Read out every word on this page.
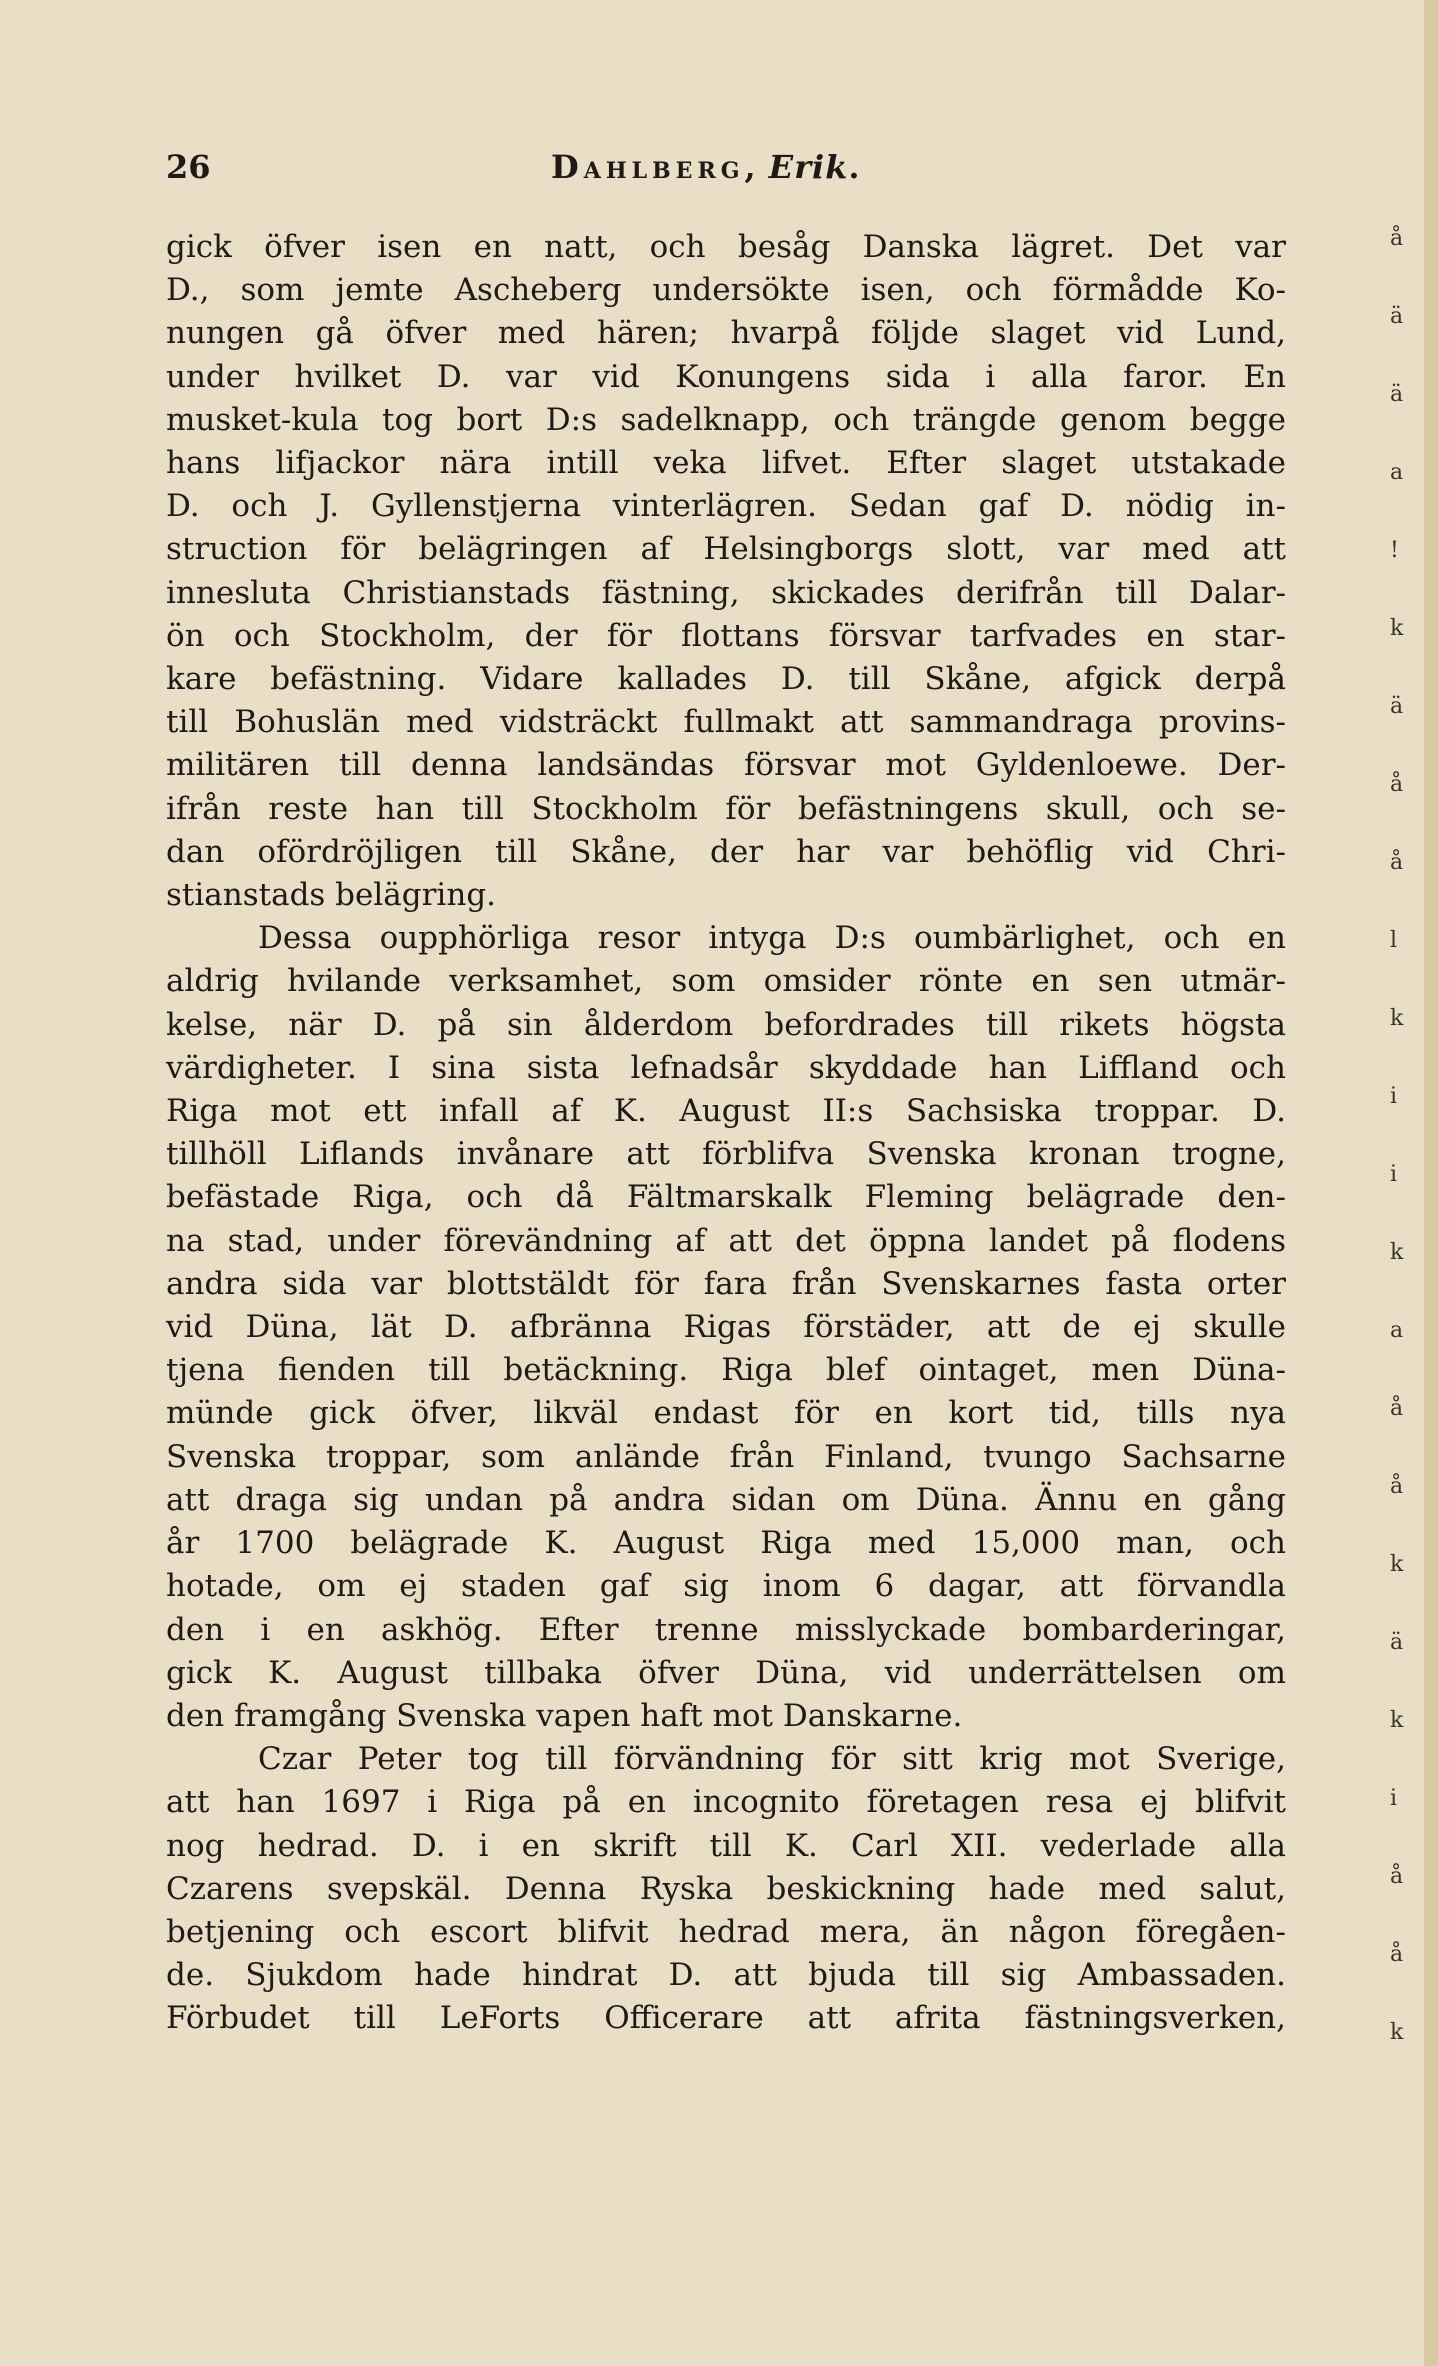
å
ä
ä
a
!
k
ä
å
å
l
k
i
i
k
a
å
å
k
ä
k
i
å
å
k
26	Dahlberg, Erik.
gick öfver isen en natt, och besåg Danska lägret. Det var
D., som jemte Ascheberg undersökte isen, och förmådde Ko-
nungen gå öfver med hären; hvarpå följde slaget vid Lund,
under hvilket D. var vid Konungens sida i alla faror. En
musket-kula tog bort D:s sadelknapp, och trängde genom begge
hans lifjackor nära intill veka lifvet. Efter slaget utstakade
D. och J. Gyllenstjerna vinterlägren. Sedan gaf D. nödig in-
struction för belägringen af Helsingborgs slott, var med att
inneslutа Christianstads fästning, skickades derifrån till Dalar-
ön och Stockholm, der för flottans försvar tarfvades en star-
kare befästning. Vidare kallades D. till Skåne, afgick derpå
till Bohuslän med vidsträckt fullmakt att sammandraga provins-
militären till denna landsändas försvar mot Gyldenloewe. Der-
ifrån reste han till Stockholm för befästningens skull, och se-
dan ofördröjligen till Skåne, der har var behöflig vid Chri-
stianstads belägring.
Dessa oupphörliga resor intyga D:s oumbärlighet, och en
aldrig hvilande verksamhet, som omsider rönte en sen utmär-
kelse, när D. på sin ålderdom befordrades till rikets högsta
värdigheter. I sina sista lefnadsår skyddade han Liffland och
Riga mot ett infall af K. August II:s Sachsiska troppar. D.
tillhöll Liflands invånare att förblifva Svenska kronan trogne,
befästade Riga, och då Fältmarskalk Fleming belägrade den-
na stad, under förevändning af att det öppna landet på flodens
andra sida var blottstäldt för fara från Svenskarnes fasta orter
vid Düna, lät D. afbränna Rigas förstäder, att de ej skulle
tjena fienden till betäckning. Riga blef ointaget, men Düna-
münde gick öfver, likväl endast för en kort tid, tills nya
Svenska troppar, som anlände från Finland, tvungo Sachsarne
att draga sig undan på andra sidan om Düna. Ännu en gång
år 1700 belägrade K. August Riga med 15,000 man, och
hotade, om ej staden gaf sig inom 6 dagar, att förvandla
den i en askhög. Efter trenne misslyckade bombarderingar,
gick K. August tillbaka öfver Düna, vid underrättelsen om
den framgång Svenska vapen haft mot Danskarne.
Czar Peter tog till förvändning för sitt krig mot Sverige,
att han 1697 i Riga på en incognito företagen resa ej blifvit
nog hedrad. D. i en skrift till K. Carl XII. vederlade alla
Czarens svepskäl. Denna Ryska beskickning hade med salut,
betjening och escort blifvit hedrad mera, än någon föregåen-
de. Sjukdom hade hindrat D. att bjuda till sig Ambassaden.
Förbudet till LeForts Officerare att afrita fästningsverken,
